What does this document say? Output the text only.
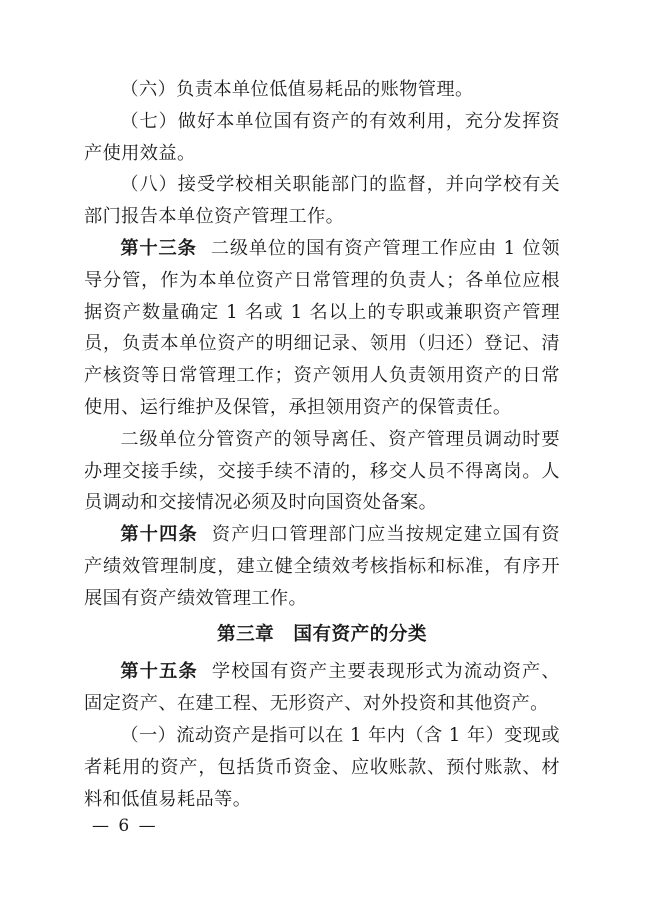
（六）负责本单位低值易耗品的账物管理。

（七）做好本单位国有资产的有效利用，充分发挥资产使用效益。

（八）接受学校相关职能部门的监督，并向学校有关部门报告本单位资产管理工作。

第十三条 二级单位的国有资产管理工作应由 1 位领导分管，作为本单位资产日常管理的负责人；各单位应根据资产数量确定 1 名或 1 名以上的专职或兼职资产管理员，负责本单位资产的明细记录、领用（归还）登记、清产核资等日常管理工作；资产领用人负责领用资产的日常使用、运行维护及保管，承担领用资产的保管责任。

二级单位分管资产的领导离任、资产管理员调动时要办理交接手续，交接手续不清的，移交人员不得离岗。人员调动和交接情况必须及时向国资处备案。

第十四条 资产归口管理部门应当按规定建立国有资产绩效管理制度，建立健全绩效考核指标和标准，有序开展国有资产绩效管理工作。

第三章　国有资产的分类

第十五条 学校国有资产主要表现形式为流动资产、固定资产、在建工程、无形资产、对外投资和其他资产。

（一）流动资产是指可以在 1 年内（含 1 年）变现或者耗用的资产，包括货币资金、应收账款、预付账款、材料和低值易耗品等。

— 6 —
